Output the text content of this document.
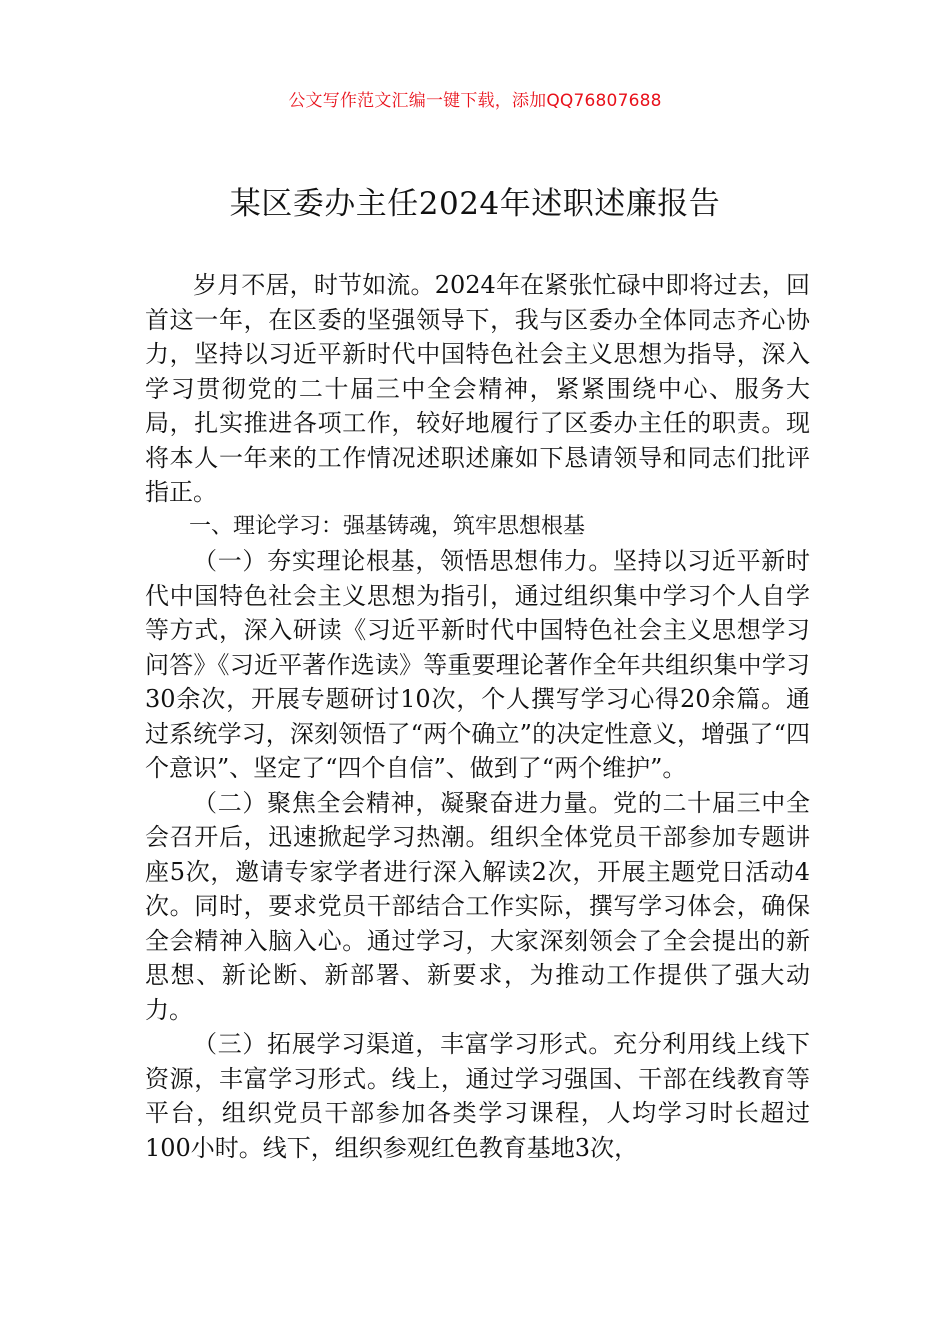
公文写作范文汇编一键下载，添加QQ76807688
某区委办主任2024年述职述廉报告

岁月不居，时节如流。2024年在紧张忙碌中即将过去，回首这一年，在区委的坚强领导下，我与区委办全体同志齐心协力，坚持以习近平新时代中国特色社会主义思想为指导，深入学习贯彻党的二十届三中全会精神，紧紧围绕中心、服务大局，扎实推进各项工作，较好地履行了区委办主任的职责。现将本人一年来的工作情况述职述廉如下恳请领导和同志们批评指正。

一、理论学习：强基铸魂，筑牢思想根基

（一）夯实理论根基，领悟思想伟力。坚持以习近平新时代中国特色社会主义思想为指引，通过组织集中学习个人自学等方式，深入研读《习近平新时代中国特色社会主义思想学习问答》《习近平著作选读》等重要理论著作全年共组织集中学习30余次，开展专题研讨10次，个人撰写学习心得20余篇。通过系统学习，深刻领悟了“两个确立”的决定性意义，增强了“四个意识”、坚定了“四个自信”、做到了“两个维护”。

（二）聚焦全会精神，凝聚奋进力量。党的二十届三中全会召开后，迅速掀起学习热潮。组织全体党员干部参加专题讲座5次，邀请专家学者进行深入解读2次，开展主题党日活动4次。同时，要求党员干部结合工作实际，撰写学习体会，确保全会精神入脑入心。通过学习，大家深刻领会了全会提出的新思想、新论断、新部署、新要求，为推动工作提供了强大动力。

（三）拓展学习渠道，丰富学习形式。充分利用线上线下资源，丰富学习形式。线上，通过学习强国、干部在线教育等平台，组织党员干部参加各类学习课程，人均学习时长超过100小时。线下，组织参观红色教育基地3次，
